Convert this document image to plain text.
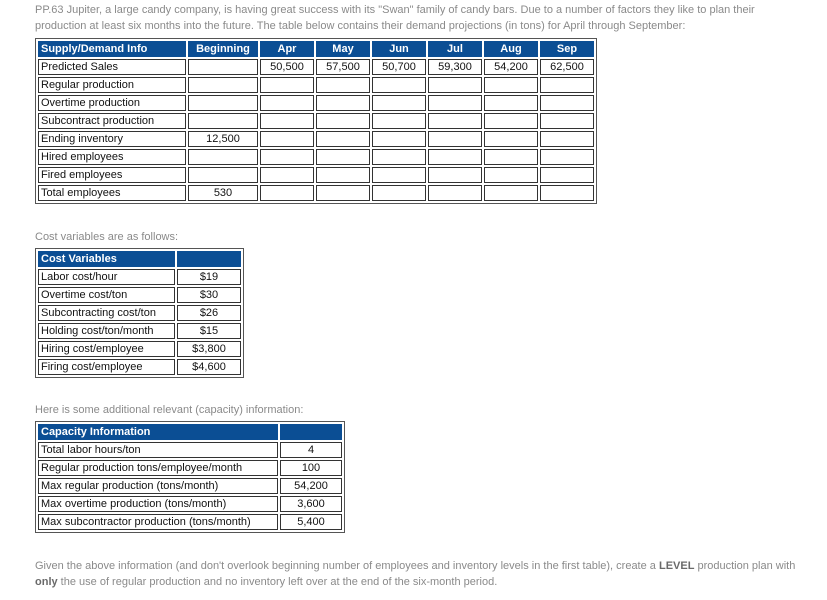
PP.63 Jupiter, a large candy company, is having great success with its "Swan" family of candy bars. Due to a number of factors they like to plan their production at least six months into the future. The table below contains their demand projections (in tons) for April through September:
Supply/Demand Info	Beginning	Apr	May	Jun	Jul	Aug	Sep
Predicted Sales		50,500	57,500	50,700	59,300	54,200	62,500
Regular production							
Overtime production							
Subcontract production							
Ending inventory	12,500						
Hired employees							
Fired employees							
Total employees	530						
Cost variables are as follows:
Cost Variables	
Labor cost/hour	$19
Overtime cost/ton	$30
Subcontracting cost/ton	$26
Holding cost/ton/month	$15
Hiring cost/employee	$3,800
Firing cost/employee	$4,600
Here is some additional relevant (capacity) information:
Capacity Information	
Total labor hours/ton	4
Regular production tons/employee/month	100
Max regular production (tons/month)	54,200
Max overtime production (tons/month)	3,600
Max subcontractor production (tons/month)	5,400
Given the above information (and don't overlook beginning number of employees and inventory levels in the first table), create a LEVEL production plan with only the use of regular production and no inventory left over at the end of the six-month period.
